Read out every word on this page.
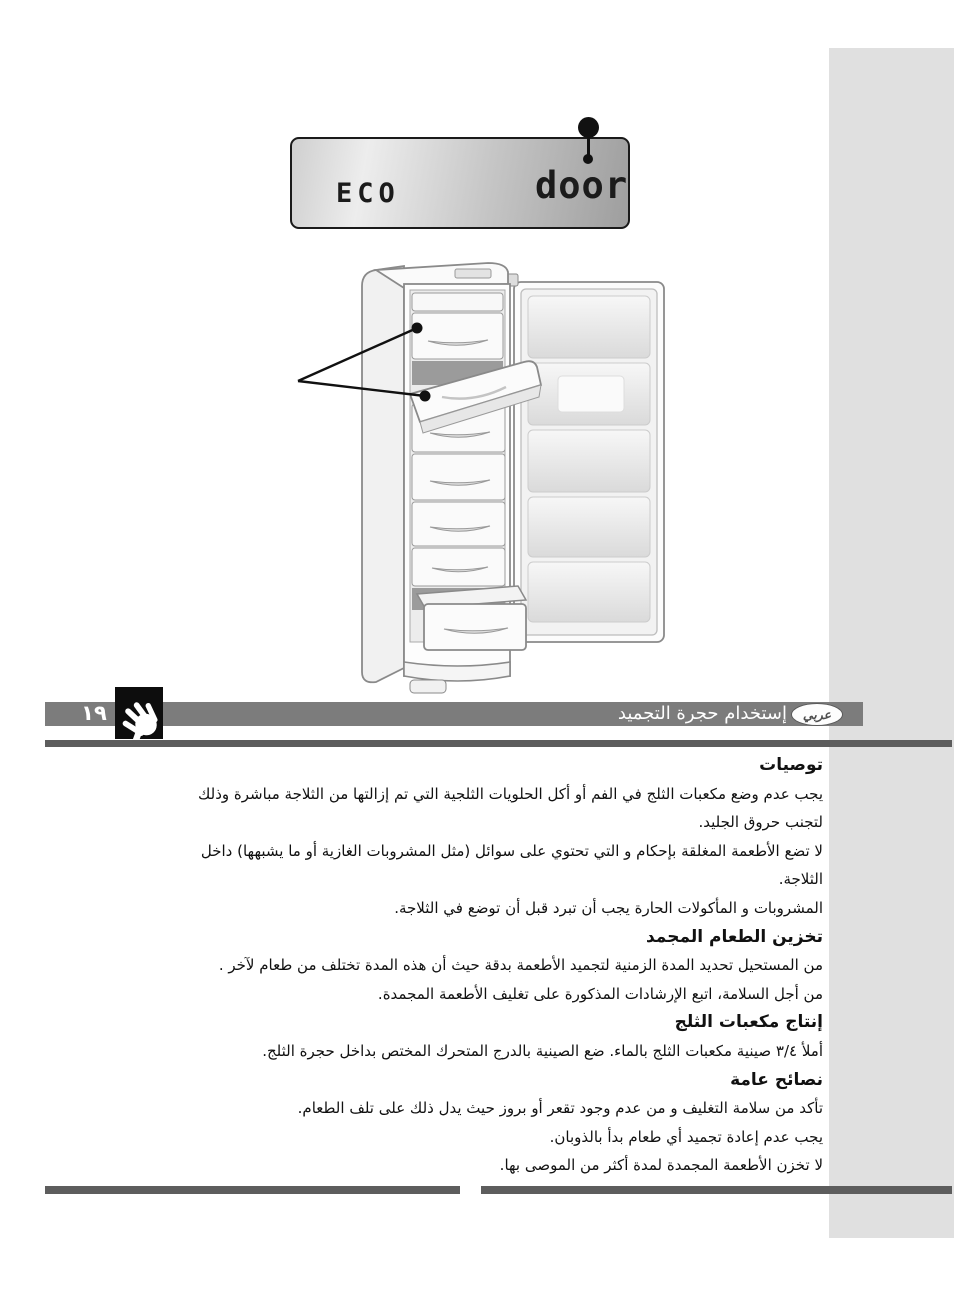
ECO	door
١٩	إستخدام حجرة التجميد	عربي
توصيات
يجب عدم وضع مكعبات الثلج في الفم أو أكل الحلويات الثلجية التي تم إزالتها من الثلاجة مباشرة وذلك
لتجنب حروق الجليد.
لا تضع الأطعمة المغلقة بإحكام و التي تحتوي على سوائل (مثل المشروبات الغازية أو ما يشبهها) داخل
الثلاجة.
المشروبات و المأكولات الحارة يجب أن تبرد قبل أن توضع في الثلاجة.
تخزين الطعام المجمد
من المستحيل تحديد المدة الزمنية لتجميد الأطعمة بدقة حيث أن هذه المدة تختلف من طعام لآخر .
من أجل السلامة، اتبع الإرشادات المذكورة على تغليف الأطعمة المجمدة.
إنتاج مكعبات الثلج
أملأ ٣/٤ صينية مكعبات الثلج بالماء. ضع الصينية بالدرج المتحرك المختص بداخل حجرة الثلج.
نصائح عامة
تأكد من سلامة التغليف و من عدم وجود تقعر أو بروز حيث يدل ذلك على تلف الطعام.
يجب عدم إعادة تجميد أي طعام بدأ بالذوبان.
لا تخزن الأطعمة المجمدة لمدة أكثر من الموصى بها.
